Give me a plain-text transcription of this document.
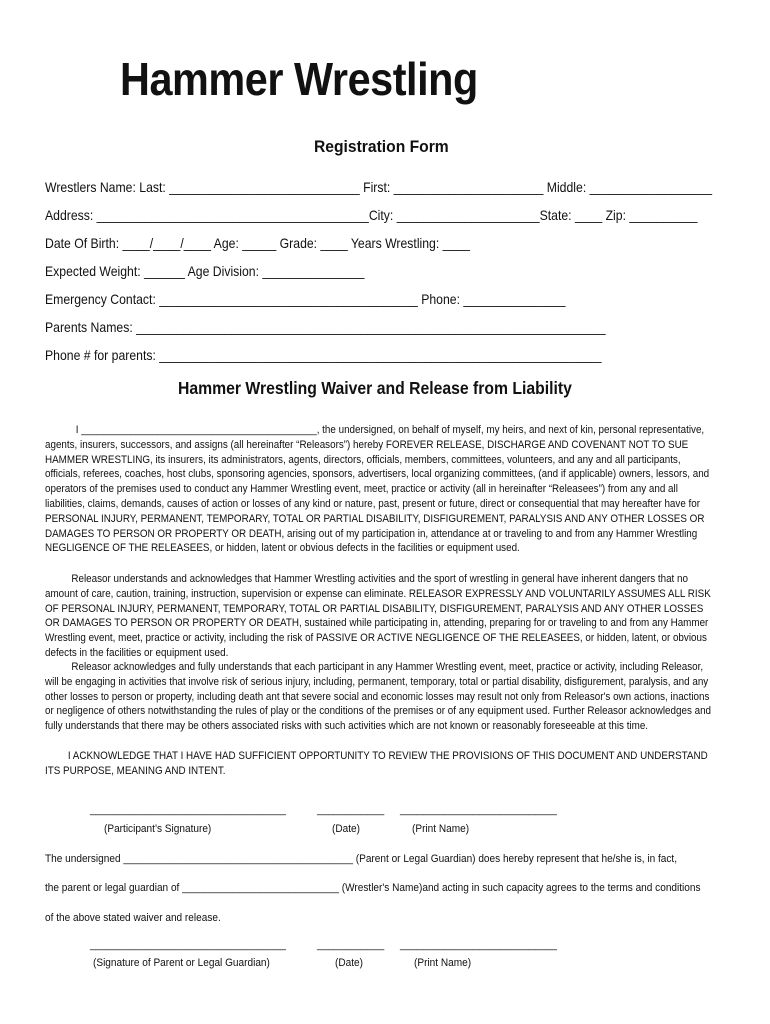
Hammer Wrestling
Registration Form
Wrestlers Name: Last: ____________________________ First: ______________________ Middle: __________________
Address: ________________________________________City: _____________________State: ____ Zip: __________
Date Of Birth: ____/____/____ Age: _____ Grade: ____ Years Wrestling: ____
Expected Weight: ______ Age Division: _______________
Emergency Contact: ______________________________________ Phone: _______________
Parents Names: _____________________________________________________________________
Phone # for parents: _________________________________________________________________
Hammer Wrestling Waiver and Release from Liability
I ___________________________________________, the undersigned, on behalf of myself, my heirs, and next of kin, personal representative, agents, insurers, successors, and assigns (all hereinafter “Releasors”) hereby FOREVER RELEASE, DISCHARGE AND COVENANT NOT TO SUE HAMMER WRESTLING, its insurers, its administrators, agents, directors, officials, members, committees, volunteers, and any and all participants, officials, referees, coaches, host clubs, sponsoring agencies, sponsors, advertisers, local organizing committees, (and if applicable) owners, lessors, and operators of the premises used to conduct any Hammer Wrestling event, meet, practice or activity (all in hereinafter “Releasees”) from any and all liabilities, claims, demands, causes of action or losses of any kind or nature, past, present or future, direct or consequential that may hereafter have for PERSONAL INJURY, PERMANENT, TEMPORARY, TOTAL OR PARTIAL DISABILITY, DISFIGUREMENT, PARALYSIS AND ANY OTHER LOSSES OR DAMAGES TO PERSON OR PROPERTY OR DEATH, arising out of my participation in, attendance at or traveling to and from any Hammer Wrestling NEGLIGENCE OF THE RELEASEES, or hidden, latent or obvious defects in the facilities or equipment used.
Releasor understands and acknowledges that Hammer Wrestling activities and the sport of wrestling in general have inherent dangers that no amount of care, caution, training, instruction, supervision or expense can eliminate. RELEASOR EXPRESSLY AND VOLUNTARILY ASSUMES ALL RISK OF PERSONAL INJURY, PERMANENT, TEMPORARY, TOTAL OR PARTIAL DISABILITY, DISFIGUREMENT, PARALYSIS AND ANY OTHER LOSSES OR DAMAGES TO PERSON OR PROPERTY OR DEATH, sustained while participating in, attending, preparing for or traveling to and from any Hammer Wrestling event, meet, practice or activity, including the risk of PASSIVE OR ACTIVE NEGLIGENCE OF THE RELEASEES, or hidden, latent, or obvious defects in the facilities or equipment used.
Releasor acknowledges and fully understands that each participant in any Hammer Wrestling event, meet, practice or activity, including Releasor, will be engaging in activities that involve risk of serious injury, including, permanent, temporary, total or partial disability, disfigurement, paralysis, and any other losses to person or property, including death ant that severe social and economic losses may result not only from Releasor's own actions, inactions or negligence of others notwithstanding the rules of play or the conditions of the premises or of any equipment used. Further Releasor acknowledges and fully understands that there may be others associated risks with such activities which are not known or reasonably foreseeable at this time.
I ACKNOWLEDGE THAT I HAVE HAD SUFFICIENT OPPORTUNITY TO REVIEW THE PROVISIONS OF THIS DOCUMENT AND UNDERSTAND ITS PURPOSE, MEANING AND INTENT.
___________________________________	____________ ____________________________
(Participant’s Signature)	(Date)	(Print Name)
The undersigned _________________________________________ (Parent or Legal Guardian) does hereby represent that he/she is, in fact,
the parent or legal guardian of ____________________________ (Wrestler's Name)and acting in such capacity agrees to the terms and conditions
of the above stated waiver and release.
___________________________________	____________ ____________________________
(Signature of Parent or Legal Guardian)	(Date)	(Print Name)
